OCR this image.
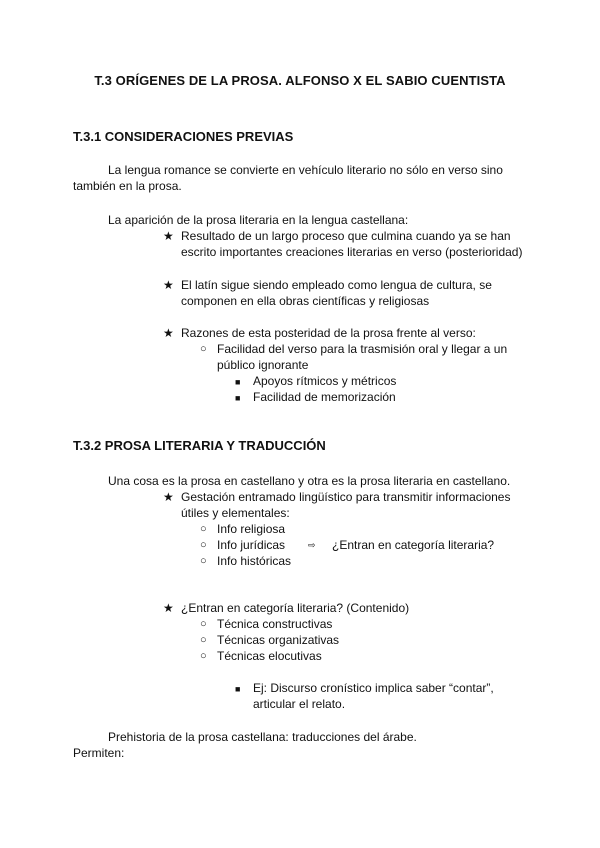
T.3 ORÍGENES DE LA PROSA. ALFONSO X EL SABIO CUENTISTA
T.3.1 CONSIDERACIONES PREVIAS
La lengua romance se convierte en vehículo literario no sólo en verso sino
también en la prosa.
La aparición de la prosa literaria en la lengua castellana:
★ Resultado de un largo proceso que culmina cuando ya se han
escrito importantes creaciones literarias en verso (posterioridad)
★ El latín sigue siendo empleado como lengua de cultura, se
componen en ella obras científicas y religiosas
★ Razones de esta posteridad de la prosa frente al verso:
○ Facilidad del verso para la trasmisión oral y llegar a un
público ignorante
■ Apoyos rítmicos y métricos
■ Facilidad de memorización
T.3.2 PROSA LITERARIA Y TRADUCCIÓN
Una cosa es la prosa en castellano y otra es la prosa literaria en castellano.
★ Gestación entramado lingüístico para transmitir informaciones
útiles y elementales:
○ Info religiosa
○ Info jurídicas	⇨ ¿Entran en categoría literaria?
○ Info históricas
★ ¿Entran en categoría literaria? (Contenido)
○ Técnica constructivas
○ Técnicas organizativas
○ Técnicas elocutivas
■ Ej: Discurso cronístico implica saber “contar”,
articular el relato.
Prehistoria de la prosa castellana: traducciones del árabe.
Permiten:
